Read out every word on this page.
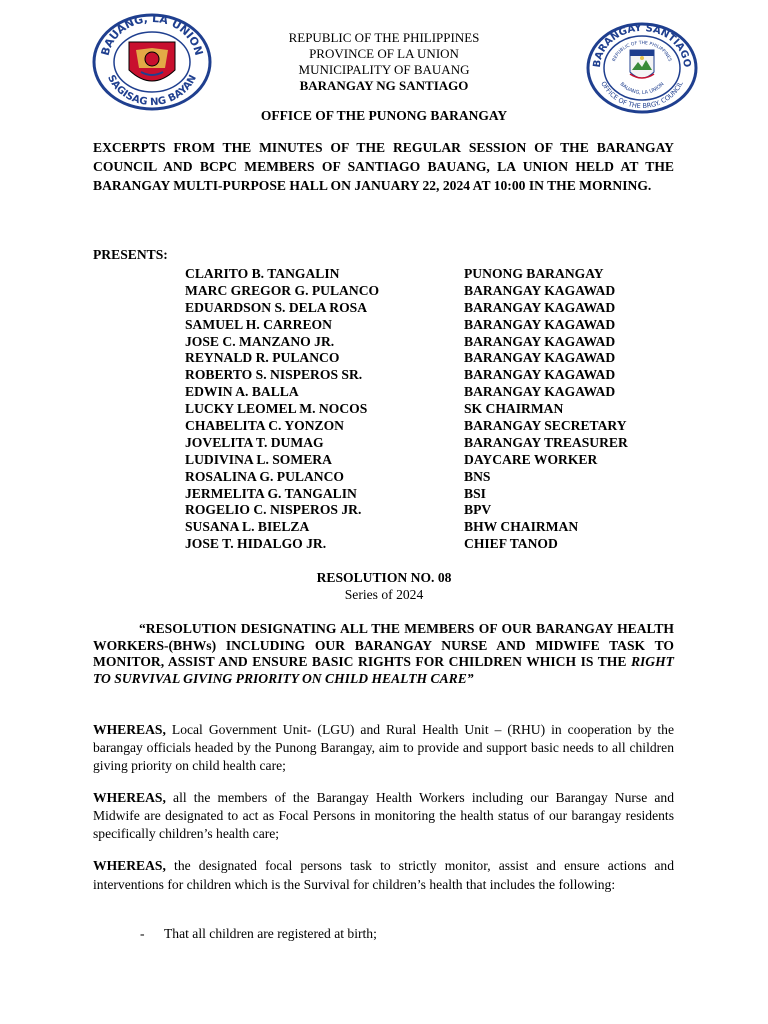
REPUBLIC OF THE PHILIPPINES
PROVINCE OF LA UNION
MUNICIPALITY OF BAUANG
BARANGAY NG SANTIAGO
OFFICE OF THE PUNONG BARANGAY
BAUANG, LA UNION
SAGISAG NG BAYAN
BARANGAY SANTIAGO
OFFICE OF THE BRGY. COUNCIL
REPUBLIC OF THE PHILIPPINES
BAUANG, LA UNION
EXCERPTS FROM THE MINUTES OF THE REGULAR SESSION OF THE BARANGAY COUNCIL AND BCPC MEMBERS OF SANTIAGO BAUANG, LA UNION HELD AT THE BARANGAY MULTI-PURPOSE HALL ON JANUARY 22, 2024 AT 10:00 IN THE MORNING.
PRESENTS:
CLARITO B. TANGALIN	PUNONG BARANGAY
MARC GREGOR G. PULANCO	BARANGAY KAGAWAD
EDUARDSON S. DELA ROSA	BARANGAY KAGAWAD
SAMUEL H. CARREON	BARANGAY KAGAWAD
JOSE C. MANZANO JR.	BARANGAY KAGAWAD
REYNALD R. PULANCO	BARANGAY KAGAWAD
ROBERTO S. NISPEROS SR.	BARANGAY KAGAWAD
EDWIN A. BALLA	BARANGAY KAGAWAD
LUCKY LEOMEL M. NOCOS	SK CHAIRMAN
CHABELITA C. YONZON	BARANGAY SECRETARY
JOVELITA T. DUMAG	BARANGAY TREASURER
LUDIVINA L. SOMERA	DAYCARE WORKER
ROSALINA G. PULANCO	BNS
JERMELITA G. TANGALIN	BSI
ROGELIO C. NISPEROS JR.	BPV
SUSANA L. BIELZA	BHW CHAIRMAN
JOSE T. HIDALGO JR.	CHIEF TANOD
RESOLUTION NO. 08
Series of 2024
“RESOLUTION DESIGNATING ALL THE MEMBERS OF OUR BARANGAY HEALTH WORKERS-(BHWs) INCLUDING OUR BARANGAY NURSE AND MIDWIFE TASK TO MONITOR, ASSIST AND ENSURE BASIC RIGHTS FOR CHILDREN WHICH IS THE RIGHT TO SURVIVAL GIVING PRIORITY ON CHILD HEALTH CARE”
WHEREAS, Local Government Unit- (LGU) and Rural Health Unit – (RHU) in cooperation by the barangay officials headed by the Punong Barangay, aim to provide and support basic needs to all children giving priority on child health care;
WHEREAS, all the members of the Barangay Health Workers including our Barangay Nurse and Midwife are designated to act as Focal Persons in monitoring the health status of our barangay residents specifically children’s health care;
WHEREAS, the designated focal persons task to strictly monitor, assist and ensure actions and interventions for children which is the Survival for children’s health that includes the following:
- That all children are registered at birth;
